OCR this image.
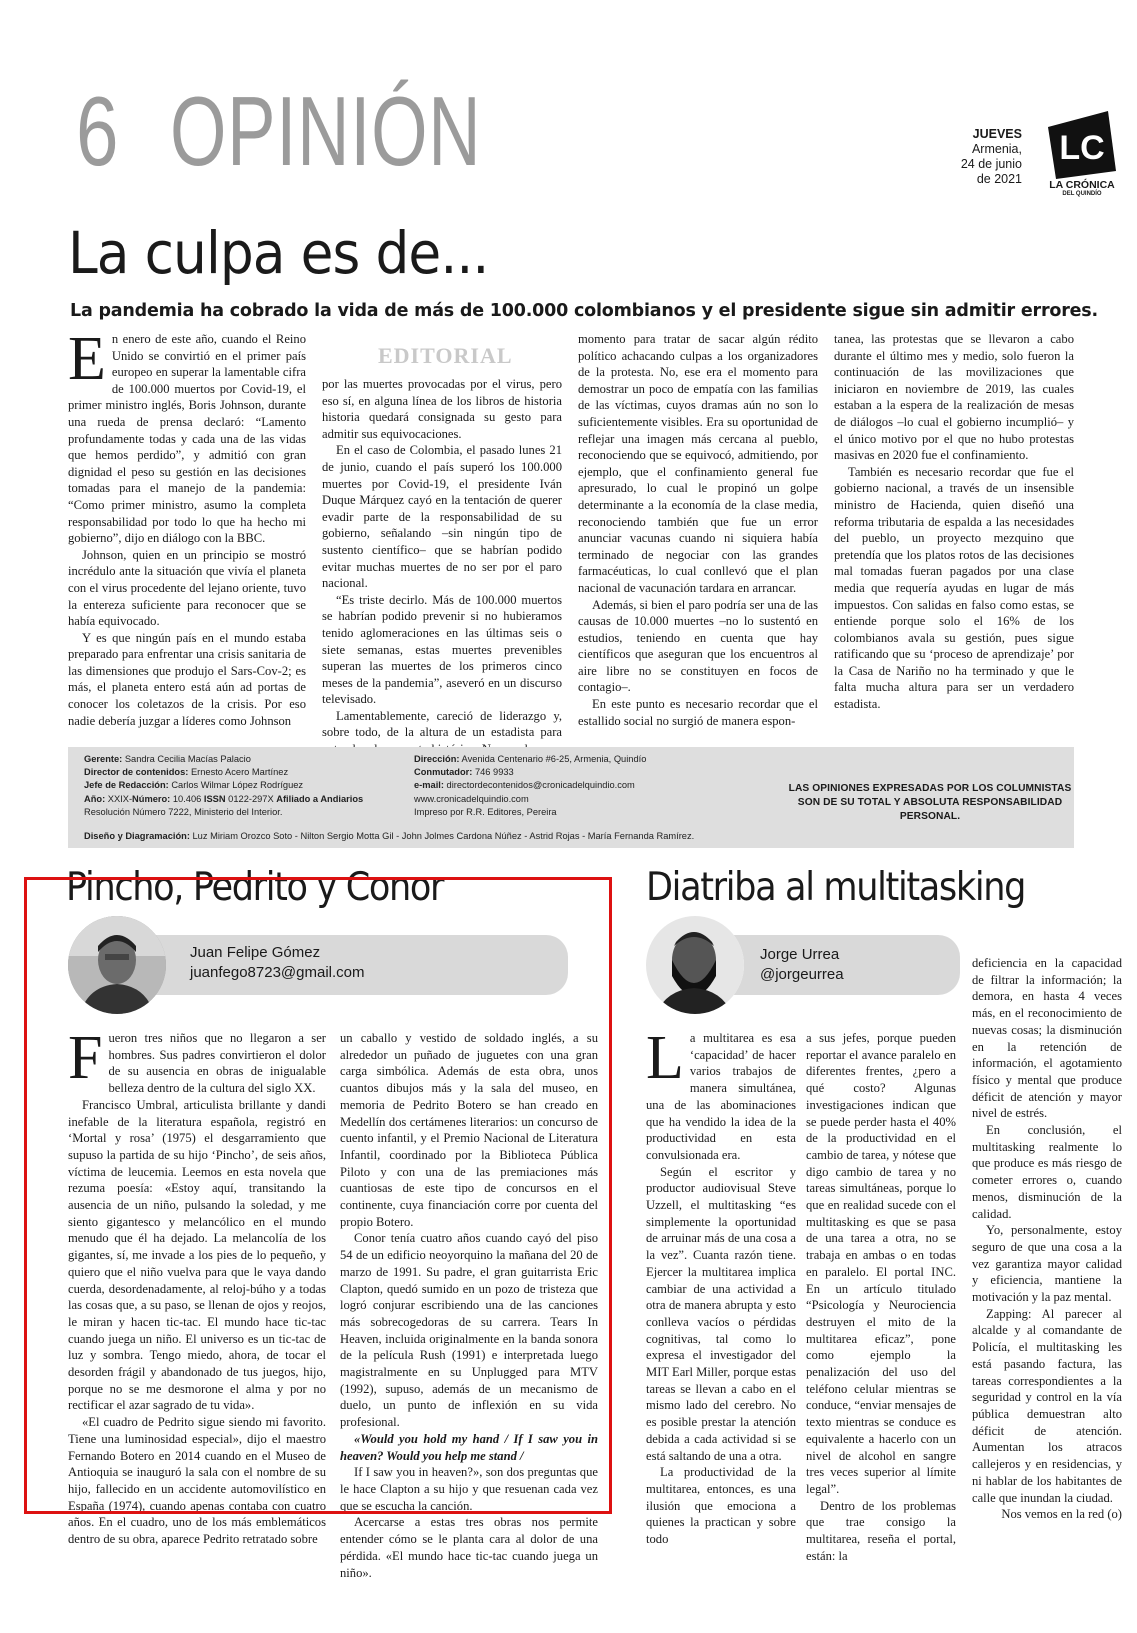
6 OPINIÓN	JUEVES
Armenia,
24 de junio
de 2021
LC
LA CRÓNICA
DEL QUINDÍO
La culpa es de...
La pandemia ha cobrado la vida de más de 100.000 colombianos y el presidente sigue sin admitir errores.
E n enero de este año, cuando el Reino Unido se convirtió en el primer país europeo en superar la lamentable cifra de 100.000 muertos por Covid-19, el primer ministro inglés, Boris Johnson, durante una rueda de prensa declaró: “Lamento profundamente todas y cada una de las vidas que hemos perdido”, y admitió con gran dignidad el peso su gestión en las decisiones tomadas para el manejo de la pandemia: “Como primer ministro, asumo la completa responsabilidad por todo lo que ha hecho mi gobierno”, dijo en diálogo con la BBC.

Johnson, quien en un principio se mostró incrédulo ante la situación que vivía el planeta con el virus procedente del lejano oriente, tuvo la entereza suficiente para reconocer que se había equivocado.

Y es que ningún país en el mundo estaba preparado para enfrentar una crisis sanitaria de las dimensiones que produjo el Sars-Cov-2; es más, el planeta entero está aún ad portas de conocer los coletazos de la crisis. Por eso nadie debería juzgar a líderes como Johnson

EDITORIAL

por las muertes provocadas por el virus, pero eso sí, en alguna línea de los libros de historia historia quedará consignada su gesto para admitir sus equivocaciones.

En el caso de Colombia, el pasado lunes 21 de junio, cuando el país superó los 100.000 muertes por Covid-19, el presidente Iván Duque Márquez cayó en la tentación de querer evadir parte de la responsabilidad de su gobierno, señalando –sin ningún tipo de sustento científico– que se habrían podido evitar muchas muertes de no ser por el paro nacional.

“Es triste decirlo. Más de 100.000 muertos se habrían podido prevenir si no hubieramos tenido aglomeraciones en las últimas seis o siete semanas, estas muertes prevenibles superan las muertes de los primeros cinco meses de la pandemia”, aseveró en un discurso televisado.

Lamentablemente, careció de liderazgo y, sobre todo, de la altura de un estadista para

momento para tratar de sacar algún rédito político achacando culpas a los organizadores de la protesta. No, ese era el momento para demostrar un poco de empatía con las familias de las víctimas, cuyos dramas aún no son lo suficientemente visibles. Era su oportunidad de reflejar una imagen más cercana al pueblo, reconociendo que se equivocó, admitiendo, por ejemplo, que el confinamiento general fue apresurado, lo cual le propinó un golpe determinante a la economía de la clase media, reconociendo también que fue un error anunciar vacunas cuando ni siquiera había terminado de negociar con las grandes farmacéuticas, lo cual conllevó que el plan nacional de vacunación tardara en arrancar.

Además, si bien el paro podría ser una de las causas de 10.000 muertes –no lo sustentó en estudios, teniendo en cuenta que hay científicos que aseguran que los encuentros al aire libre no se constituyen en focos de contagio–.

En este punto es necesario recordar que el estallido social no surgió de manera espon-

tanea, las protestas que se llevaron a cabo durante el último mes y medio, solo fueron la continuación de las movilizaciones que iniciaron en noviembre de 2019, las cuales estaban a la espera de la realización de mesas de diálogos –lo cual el gobierno incumplió– y el único motivo por el que no hubo protestas masivas en 2020 fue el confinamiento.

También es necesario recordar que fue el gobierno nacional, a través de un insensible ministro de Hacienda, quien diseñó una reforma tributaria de espalda a las necesidades del pueblo, un proyecto mezquino que pretendía que los platos rotos de las decisiones mal tomadas fueran pagados por una clase media que requería ayudas en lugar de más impuestos. Con salidas en falso como estas, se entiende porque solo el 16% de los colombianos avala su gestión, pues sigue ratificando que su ‘proceso de aprendizaje’ por la Casa de Nariño no ha terminado y que le falta mucha altura para ser un verdadero estadista.

Gerente: Sandra Cecilia Macías Palacio
Director de contenidos: Ernesto Acero Martínez
Jefe de Redacción: Carlos Wilmar López Rodríguez
Año: XXIX-Número: 10.406 ISSN 0122-297X Afiliado a Andiarios
Resolución Número 7222, Ministerio del Interior.
Dirección: Avenida Centenario #6-25, Armenia, Quindío
Conmutador: 746 9933
e-mail: directordecontenidos@cronicadelquindio.com
www.cronicadelquindio.com
Impreso por R.R. Editores, Pereira
LAS OPINIONES EXPRESADAS POR LOS COLUMNISTAS SON DE SU TOTAL Y ABSOLUTA RESPONSABILIDAD PERSONAL.
Diseño y Diagramación: Luz Miriam Orozco Soto - Nilton Sergio Motta Gil - John Jolmes Cardona Núñez - Astrid Rojas - María Fernanda Ramírez.
Pincho, Pedrito y Conor
Juan Felipe Gómez
juanfego8723@gmail.com
F ueron tres niños que no llegaron a ser hombres. Sus padres convirtieron el dolor de su ausencia en obras de inigualable belleza dentro de la cultura del siglo XX.

Francisco Umbral, articulista brillante y dandi inefable de la literatura española, registró en ‘Mortal y rosa’ (1975) el desgarramiento que supuso la partida de su hijo ‘Pincho’, de seis años, víctima de leucemia. Leemos en esta novela que rezuma poesía: «Estoy aquí, transitando la ausencia de un niño, pulsando la soledad, y me siento gigantesco y melancólico en el mundo menudo que él ha dejado. La melancolía de los gigantes, sí, me invade a los pies de lo pequeño, y quiero que el niño vuelva para que le vaya dando cuerda, desordenadamente, al reloj-búho y a todas las cosas que, a su paso, se llenan de ojos y reojos, le miran y hacen tic-tac. El mundo hace tic-tac cuando juega un niño. El universo es un tic-tac de luz y sombra. Tengo miedo, ahora, de tocar el desorden frágil y abandonado de tus juegos, hijo, porque no se me desmorone el alma y por no rectificar el azar sagrado de tu vida».

«El cuadro de Pedrito sigue siendo mi favorito. Tiene una luminosidad especial», dijo el maestro Fernando Botero en 2014 cuando en el Museo de Antioquia se inauguró la sala con el nombre de su hijo, fallecido en un accidente automovilístico en España (1974), cuando apenas contaba con cuatro años. En el cuadro, uno de los más emblemáticos dentro de su obra, aparece Pedrito retratado sobre

un caballo y vestido de soldado inglés, a su alrededor un puñado de juguetes con una gran carga simbólica. Además de esta obra, unos cuantos dibujos más y la sala del museo, en memoria de Pedrito Botero se han creado en Medellín dos certámenes literarios: un concurso de cuento infantil, y el Premio Nacional de Literatura Infantil, coordinado por la Biblioteca Pública Piloto y con una de las premiaciones más cuantiosas de este tipo de concursos en el continente, cuya financiación corre por cuenta del propio Botero.

Conor tenía cuatro años cuando cayó del piso 54 de un edificio neoyorquino la mañana del 20 de marzo de 1991. Su padre, el gran guitarrista Eric Clapton, quedó sumido en un pozo de tristeza que logró conjurar escribiendo una de las canciones más sobrecogedoras de su carrera. Tears In Heaven, incluida originalmente en la banda sonora de la película Rush (1991) e interpretada luego magistralmente en su Unplugged para MTV (1992), supuso, además de un mecanismo de duelo, un punto de inflexión en su vida profesional.

«Would you hold my hand / If I saw you in heaven? Would you help me stand /

If I saw you in heaven?», son dos preguntas que le hace Clapton a su hijo y que resuenan cada vez que se escucha la canción.

Acercarse a estas tres obras nos permite entender cómo se le planta cara al dolor de una pérdida. «El mundo hace tic-tac cuando juega un niño».

Diatriba al multitasking
Jorge Urrea
@jorgeurrea
L a multitarea es esa ‘capacidad’ de hacer varios trabajos de manera simultánea, una de las abominaciones que ha vendido la idea de la productividad en esta convulsionada era.

Según el escritor y productor audiovisual Steve Uzzell, el multitasking “es simplemente la oportunidad de arruinar más de una cosa a la vez”. Cuanta razón tiene. Ejercer la multitarea implica cambiar de una actividad a otra de manera abrupta y esto conlleva vacíos o pérdidas cognitivas, tal como lo expresa el investigador del MIT Earl Miller, porque estas tareas se llevan a cabo en el mismo lado del cerebro. No es posible prestar la atención debida a cada actividad si se está saltando de una a otra.

La productividad de la multitarea, entonces, es una ilusión que emociona a quienes la practican y sobre todo

a sus jefes, porque pueden reportar el avance paralelo en diferentes frentes, ¿pero a qué costo? Algunas investigaciones indican que se puede perder hasta el 40% de la productividad en el cambio de tarea, y nótese que digo cambio de tarea y no tareas simultáneas, porque lo que en realidad sucede con el multitasking es que se pasa de una tarea a otra, no se trabaja en ambas o en todas en paralelo. El portal INC. En un artículo titulado “Psicología y Neurociencia destruyen el mito de la multitarea eficaz”, pone como ejemplo la penalización del uso del teléfono celular mientras se conduce, “enviar mensajes de texto mientras se conduce es equivalente a hacerlo con un nivel de alcohol en sangre tres veces superior al límite legal”.

Dentro de los problemas que trae consigo la multitarea, reseña el portal, están: la

deficiencia en la capacidad de filtrar la información; la demora, en hasta 4 veces más, en el reconocimiento de nuevas cosas; la disminución en la retención de información, el agotamiento físico y mental que produce déficit de atención y mayor nivel de estrés.

En conclusión, el multitasking realmente lo que produce es más riesgo de cometer errores o, cuando menos, disminución de la calidad.

Yo, personalmente, estoy seguro de que una cosa a la vez garantiza mayor calidad y eficiencia, mantiene la motivación y la paz mental.

Zapping: Al parecer al alcalde y al comandante de Policía, el multitasking les está pasando factura, las tareas correspondientes a la seguridad y control en la vía pública demuestran alto déficit de atención. Aumentan los atracos callejeros y en residencias, y ni hablar de los habitantes de calle que inundan la ciudad.

Nos vemos en la red (o)
